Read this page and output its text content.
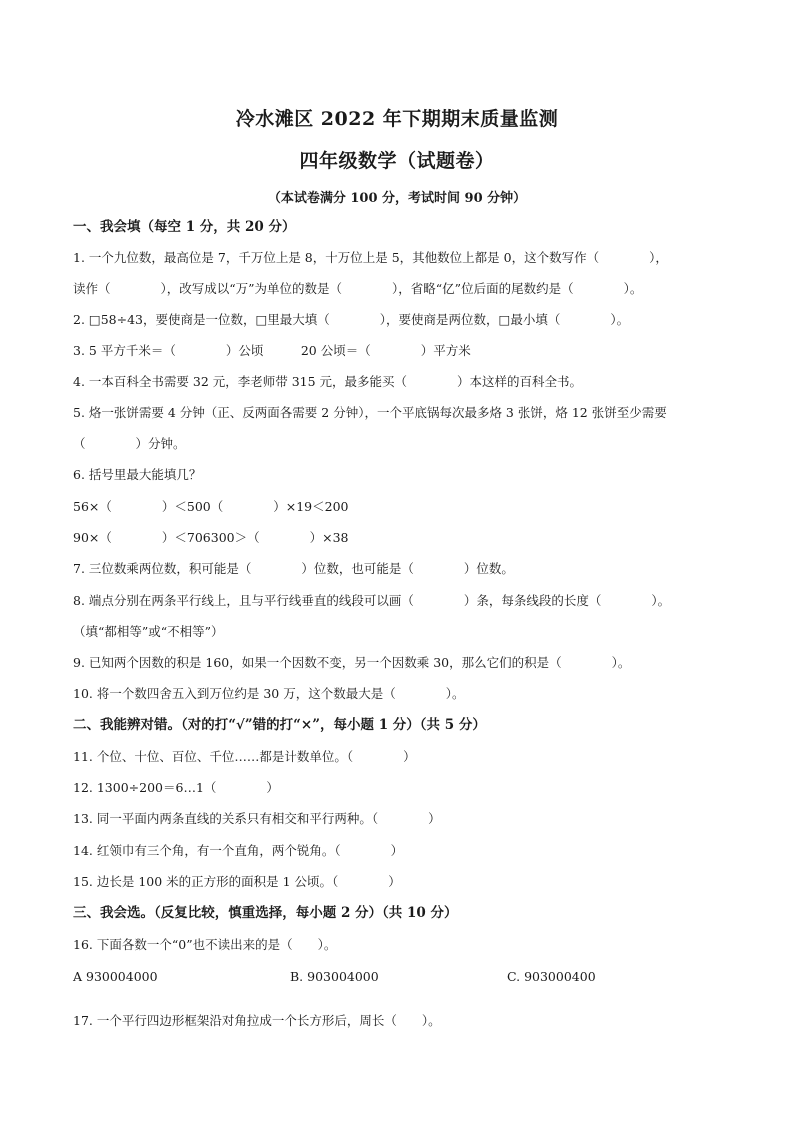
冷水滩区 2022 年下期期末质量监测
四年级数学（试题卷）
（本试卷满分 100 分，考试时间 90 分钟）
一、我会填（每空 1 分，共 20 分）
1. 一个九位数，最高位是 7，千万位上是 8，十万位上是 5，其他数位上都是 0，这个数写作（　　　　），
读作（　　　　），改写成以“万”为单位的数是（　　　　），省略“亿”位后面的尾数约是（　　　　）。
2. □58÷43，要使商是一位数，□里最大填（　　　　），要使商是两位数，□最小填（　　　　）。
3. 5 平方千米＝（　　　　）公顷　　　20 公顷＝（　　　　）平方米
4. 一本百科全书需要 32 元，李老师带 315 元，最多能买（　　　　）本这样的百科全书。
5. 烙一张饼需要 4 分钟（正、反两面各需要 2 分钟），一个平底锅每次最多烙 3 张饼，烙 12 张饼至少需要
（　　　　）分钟。
6. 括号里最大能填几？
56×（　　　　）＜500（　　　　）×19＜200
90×（　　　　）＜706300＞（　　　　）×38
7. 三位数乘两位数，积可能是（　　　　）位数，也可能是（　　　　）位数。
8. 端点分别在两条平行线上，且与平行线垂直的线段可以画（　　　　）条，每条线段的长度（　　　　）。
（填“都相等”或“不相等”）
9. 已知两个因数的积是 160，如果一个因数不变，另一个因数乘 30，那么它们的积是（　　　　）。
10. 将一个数四舍五入到万位约是 30 万，这个数最大是（　　　　）。
二、我能辨对错。（对的打“√”错的打“×”，每小题 1 分）（共 5 分）
11. 个位、十位、百位、千位……都是计数单位。（　　　　）
12. 1300÷200＝6…1（　　　　）
13. 同一平面内两条直线的关系只有相交和平行两种。（　　　　）
14. 红领巾有三个角，有一个直角，两个锐角。（　　　　）
15. 边长是 100 米的正方形的面积是 1 公顷。（　　　　）
三、我会选。（反复比较，慎重选择，每小题 2 分）（共 10 分）
16. 下面各数一个“0”也不读出来的是（　　）。
A 930004000	B. 903004000	C. 903000400
17. 一个平行四边形框架沿对角拉成一个长方形后，周长（　　）。
